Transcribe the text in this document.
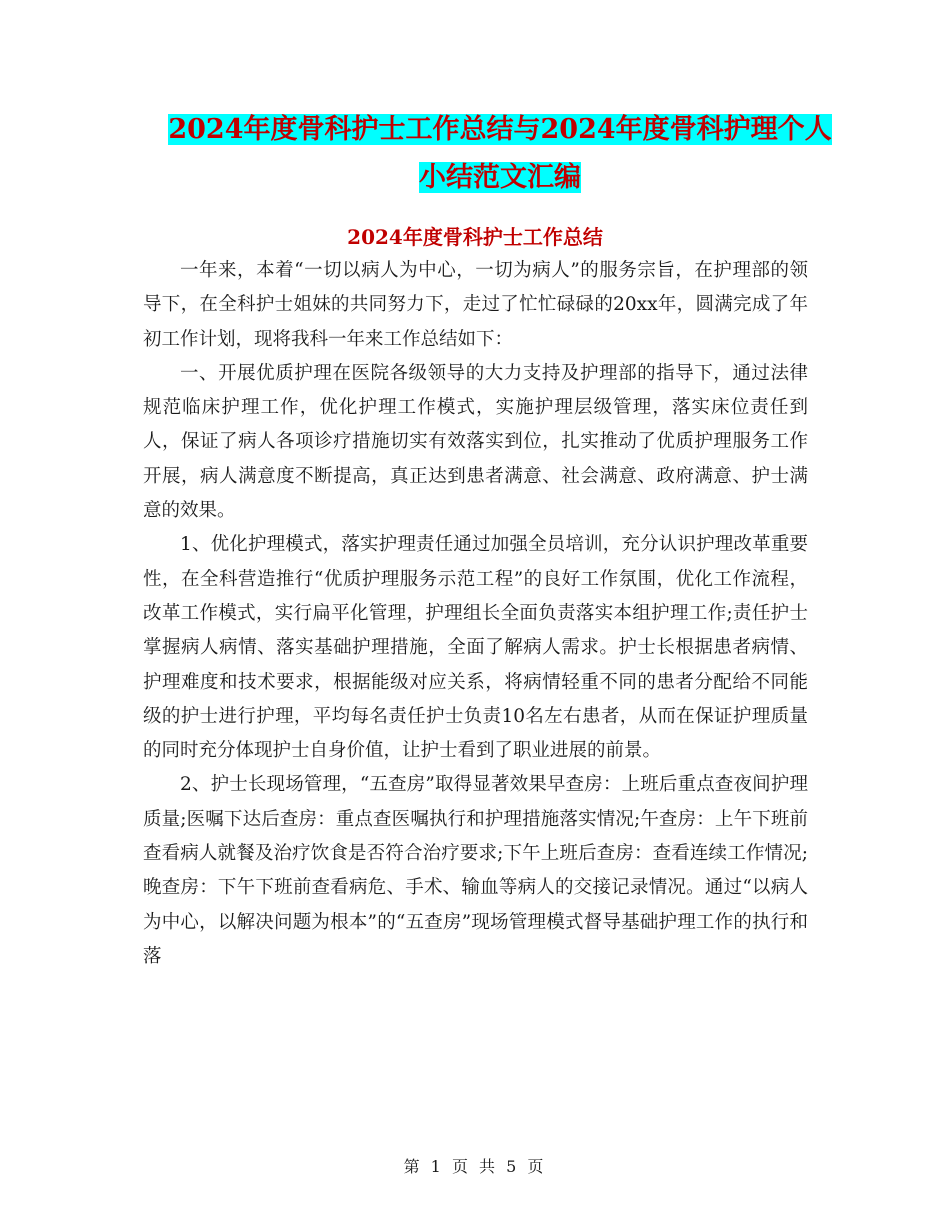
2024年度骨科护士工作总结与2024年度骨科护理个人
小结范文汇编
2024年度骨科护士工作总结

一年来，本着“一切以病人为中心，一切为病人”的服务宗旨，在护理部的领导下，在全科护士姐妹的共同努力下，走过了忙忙碌碌的20xx年，圆满完成了年初工作计划，现将我科一年来工作总结如下：

一、开展优质护理在医院各级领导的大力支持及护理部的指导下，通过法律规范临床护理工作，优化护理工作模式，实施护理层级管理，落实床位责任到人，保证了病人各项诊疗措施切实有效落实到位，扎实推动了优质护理服务工作开展，病人满意度不断提高，真正达到患者满意、社会满意、政府满意、护士满意的效果。

1、优化护理模式，落实护理责任通过加强全员培训，充分认识护理改革重要性，在全科营造推行“优质护理服务示范工程”的良好工作氛围，优化工作流程，改革工作模式，实行扁平化管理，护理组长全面负责落实本组护理工作;责任护士掌握病人病情、落实基础护理措施，全面了解病人需求。护士长根据患者病情、护理难度和技术要求，根据能级对应关系，将病情轻重不同的患者分配给不同能级的护士进行护理，平均每名责任护士负责10名左右患者，从而在保证护理质量的同时充分体现护士自身价值，让护士看到了职业进展的前景。

2、护士长现场管理，“五查房”取得显著效果早查房：上班后重点查夜间护理质量;医嘱下达后查房：重点查医嘱执行和护理措施落实情况;午查房：上午下班前查看病人就餐及治疗饮食是否符合治疗要求;下午上班后查房：查看连续工作情况;晚查房：下午下班前查看病危、手术、输血等病人的交接记录情况。通过“以病人为中心，以解决问题为根本”的“五查房”现场管理模式督导基础护理工作的执行和落

第 1 页 共 5 页
